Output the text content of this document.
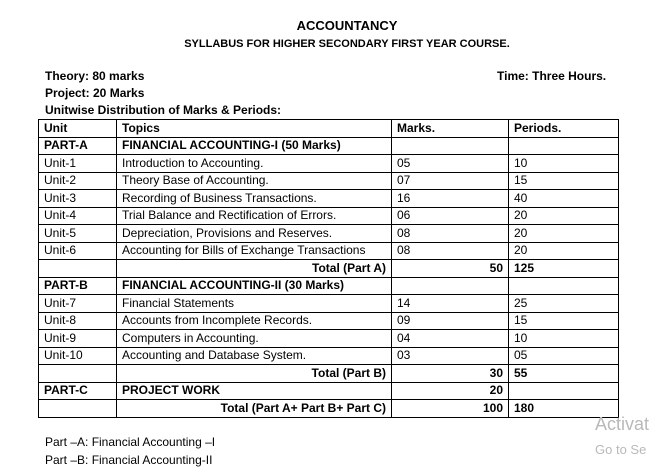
ACCOUNTANCY
SYLLABUS FOR HIGHER SECONDARY FIRST YEAR COURSE.
Theory: 80 marks
Project: 20 Marks
Unitwise Distribution of Marks & Periods:
Time: Three Hours.
Unit	Topics	Marks.	Periods.
PART-A	FINANCIAL ACCOUNTING-I (50 Marks)		
Unit-1	Introduction to Accounting.	05	10
Unit-2	Theory Base of Accounting.	07	15
Unit-3	Recording of Business Transactions.	16	40
Unit-4	Trial Balance and Rectification of Errors.	06	20
Unit-5	Depreciation, Provisions and Reserves.	08	20
Unit-6	Accounting for Bills of Exchange Transactions	08	20
	Total (Part A)	50	125
PART-B	FINANCIAL ACCOUNTING-II (30 Marks)		
Unit-7	Financial Statements	14	25
Unit-8	Accounts from Incomplete Records.	09	15
Unit-9	Computers in Accounting.	04	10
Unit-10	Accounting and Database System.	03	05
	Total (Part B)	30	55
PART-C	PROJECT WORK	20	
	Total (Part A+ Part B+ Part C)	100	180
Part –A: Financial Accounting –I
Part –B: Financial Accounting-II
Activat
Go to Se
